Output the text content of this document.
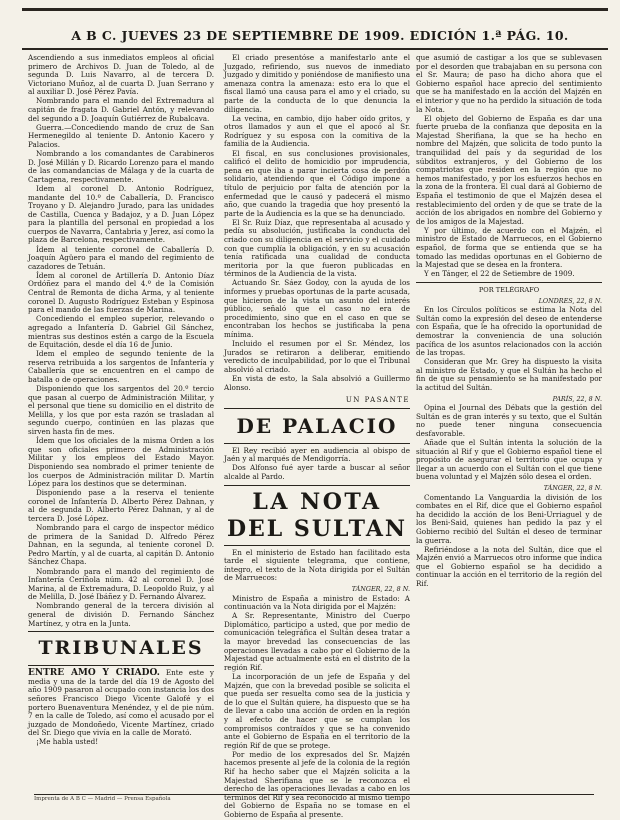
A B C. JUEVES 23 DE SEPTIEMBRE DE 1909. EDICIÓN 1.ª PÁG. 10.

Ascendiendo a sus inmediatos empleos al oficial primero de Archivos D. Juan de Toledo, al de segunda D. Luis Navarro, al de tercera D. Victoriano Muñoz, al de cuarta D. Juan Serrano y al auxiliar D. José Pérez Pavía.

Nombrando para el mando del Extremadura al capitán de fragata D. Gabriel Antón, y relevando del segundo a D. Joaquín Gutiérrez de Rubalcava.

Guerra.—Concediendo mando de cruz de San Hermenegildo al teniente D. Antonio Kacero y Palacios.

Nombrando a los comandantes de Carabineros D. José Millán y D. Ricardo Lorenzo para el mando de las comandancias de Málaga y de la cuarta de Cartagena, respectivamente.

Idem al coronel D. Antonio Rodríguez, mandante del 10.º de Caballería, D. Francisco Troyano y D. Alejandro Jurado, para las unidades de Castilla, Cuenca y Badajoz, y a D. Juan López para la plantilla del personal en propiedad a los cuerpos de Navarra, Cantabria y Jerez, así como la plaza de Barcelona, respectivamente.

Ídem al teniente coronel de Caballería D. Joaquín Agüero para el mando del regimiento de cazadores de Tetuán.

Ídem al coronel de Artillería D. Antonio Díaz Ordóñez para el mando del 4.º de la Comisión Central de Remonta de dicha Arma, y al teniente coronel D. Augusto Rodríguez Esteban y Espinosa para el mando de las fuerzas de Marina.

Concediendo el empleo superior, relevando o agregado a Infantería D. Gabriel Gil Sánchez, mientras sus destinos estén a cargo de la Escuela de Equitación, desde el día 16 de Junio.

Idem el empleo de segundo teniente de la reserva retribuida a los sargentos de Infantería y Caballería que se encuentren en el campo de batalla o de operaciones.

Disponiendo que los sargentos del 20.º tercio que pasan al cuerpo de Administración Militar, y el personal que tiene su domicilio en el distrito de Melilla, y los que por esta razón se trasladan al segundo cuerpo, continúen en las plazas que sirven hasta fin de mes.

Ídem que los oficiales de la misma Orden a los que son oficiales primero de Administración Militar y los empleos del Estado Mayor. Disponiendo sea nombrado el primer teniente de los cuerpos de Administración militar D. Martín López para los destinos que se determinan.

Disponiendo pase a la reserva el teniente coronel de Infantería D. Alberto Pérez Dahnan, y al de segunda D. Alberto Pérez Dahnan, y al de tercera D. José López.

Nombrando para el cargo de inspector médico de primera de la Sanidad D. Alfredo Pérez Dahnan, en la segunda, al teniente coronel D. Pedro Martín, y al de cuarta, al capitán D. Antonio Sánchez Chapa.

Nombrando para el mando del regimiento de Infantería Ceriñola núm. 42 al coronel D. José Marina, al de Extremadura, D. Leopoldo Ruiz, y al de Melilla, D. José Ibáñez y D. Fernando Álvarez.

Nombrando general de la tercera división al general de división D. Fernando Sánchez Martínez, y otra en la Junta.

TRIBUNALES

ENTRE AMO Y CRIADO. Ente este y media y una de la tarde del día 19 de Agosto del año 1909 pasaron al ocupado con instancia los dos señores Francisco Diego Vicente Galofé y el portero Buenaventura Menéndez, y el de pie núm. 7 en la calle de Toledo, así como el acusado por el juzgado de Mondoñedo, Vicente Martínez, criado del Sr. Diego que vivía en la calle de Morató.

¡Me habla usted!

El criado presentóse a manifestarlo ante el Juzgado, refiriendo, sus nuevos de inmediato Juzgado y dimitido y poniéndose de manifiesto una amenaza contra la amenaza: esto era lo que el fiscal llamó una causa para el amo y el criado, su parte de la conducta de lo que denuncia la diligencia.

La vecina, en cambio, dijo haber oído gritos, y otros llamados y aun el que el apocó al Sr. Rodríguez y su esposa con la comitiva de la familia de la Audiencia.

El fiscal, en sus conclusiones provisionales, calificó el delito de homicidio por imprudencia, pena en que iba a parar incierta cosa de perdón solidario, atendiendo que el Código impone a título de perjuicio por falta de atención por la enfermedad que le causó y padecerá el mismo año, que cuando la tragedia que hoy presentó la parte de la Audiencia es la que se ha denunciado.

El Sr. Ruiz Díaz, que representaba al acusado y pedía su absolución, justificaba la conducta del criado con su diligencia en el servicio y el cuidado con que cumplía la obligación, y en su acusación tenía ratificada una cualidad de conducta meritoria por la que fueron publicadas en términos de la Audiencia de la vista.

Actuando Sr. Sáez Godoy, con la ayuda de los informes y pruebas oportunas de la parte acusada, que hicieron de la vista un asunto del interés público, señaló que el caso no era de procedimiento, sino que en el caso en que se encontraban los hechos se justificaba la pena mínima.

Incluido el resumen por el Sr. Méndez, los Jurados se retiraron a deliberar, emitiendo veredicto de inculpabilidad, por lo que el Tribunal absolvió al criado.

En vista de esto, la Sala absolvió a Guillermo Alonso.

UN PASANTE
DE PALACIO

El Rey recibió ayer en audiencia al obispo de Jaén y al marqués de Mendigorría.

Dos Alfonso fué ayer tarde a buscar al señor alcalde al Pardo.

LA NOTA
DEL SULTAN

En el ministerio de Estado han facilitado esta tarde el siguiente telegrama, que contiene, íntegro, el texto de la Nota dirigida por el Sultán de Marruecos:

TÁNGER, 22, 8 N.

Ministro de España a ministro de Estado: A continuación va la Nota dirigida por el Majzén:

A Sr. Representante, Ministro del Cuerpo Diplomático, participo a usted, que por medio de comunicación telegráfica el Sultán desea tratar a la mayor brevedad las consecuencias de las operaciones llevadas a cabo por el Gobierno de la Majestad que actualmente está en el distrito de la región Rif.

La incorporación de un jefe de España y del Majzén, que con la brevedad posible se solicita el que pueda ser resuelta como sea de la justicia y de lo que el Sultán quiere, ha dispuesto que se ha de llevar a cabo una acción de orden en la región y al efecto de hacer que se cumplan los compromisos contraídos y que se ha convenido ante el Gobierno de España en el territorio de la región Rif de que se protege.

Por medio de los expresados del Sr. Majzén hacemos presente al jefe de la colonia de la región Rif ha hecho saber que el Majzén solicita a la Majestad Sherifiana que se le reconozca el derecho de las operaciones llevadas a cabo en los términos del Rif y sea reconocido al mismo tiempo del Gobierno de España no se tomase en el Gobierno de España al presente.

que asumió de castigar a los que se sublevasen por el desorden que trabajaban en su persona con el Sr. Maura; de paso ha dicho ahora que el Gobierno español hace aprecio del sentimiento que se ha manifestado en la acción del Majzén en el interior y que no ha perdido la situación de toda la Nota.

El objeto del Gobierno de España es dar una fuerte prueba de la confianza que deposita en la Majestad Sherifiana, la que se ha hecho en nombre del Majzén, que solicita de todo punto la tranquilidad del país y da seguridad de los súbditos extranjeros, y del Gobierno de los compatriotas que residen en la región que no hemos manifestado, y por los esfuerzos hechos en la zona de la frontera. El cual dará al Gobierno de España el testimonio de que el Majzén desea el restablecimiento del orden y de que se trate de la acción de los abrigados en nombre del Gobierno y de los amigos de la Majestad.

Y por último, de acuerdo con el Majzén, el ministro de Estado de Marruecos, en el Gobierno español, de forma que se entienda que se ha tomado las medidas oportunas en el Gobierno de la Majestad que se desea en la frontera.

Y en Tánger, el 22 de Setiembre de 1909.

POR TELÉGRAFO
LONDRES, 22, 8 N.

En los Círculos políticos se estima la Nota del Sultán como la expresión del deseo de entenderse con España, que le ha ofrecido la oportunidad de demostrar la conveniencia de una solución pacífica de los asuntos relacionados con la acción de las tropas.

Consideran que Mr. Grey ha dispuesto la visita al ministro de Estado, y que el Sultán ha hecho el fin de que su pensamiento se ha manifestado por la actitud del Sultán.

PARÍS, 22, 8 N.

Opina el Journal des Débats que la gestión del Sultán es de gran interés y su texto, que el Sultán no puede tener ninguna consecuencia desfavorable.

Añade que el Sultán intenta la solución de la situación al Rif y que el Gobierno español tiene el propósito de asegurar el territorio que ocupa y llegar a un acuerdo con el Sultán con el que tiene buena voluntad y el Majzén sólo desea el orden.

TÁNGER, 22, 8 N.

Comentando La Vanguardia la división de los combates en el Rif, dice que el Gobierno español ha decidido la acción de los Beni-Urriaguel y de los Beni-Said, quienes han pedido la paz y el Gobierno recibió del Sultán el deseo de terminar la guerra.

Refiriéndose a la nota del Sultán, dice que el Majzén envió a Marruecos otro informe que indica que el Gobierno español se ha decidido a continuar la acción en el territorio de la región del Rif.

Imprenta de A B C — Madrid — Prensa Española
